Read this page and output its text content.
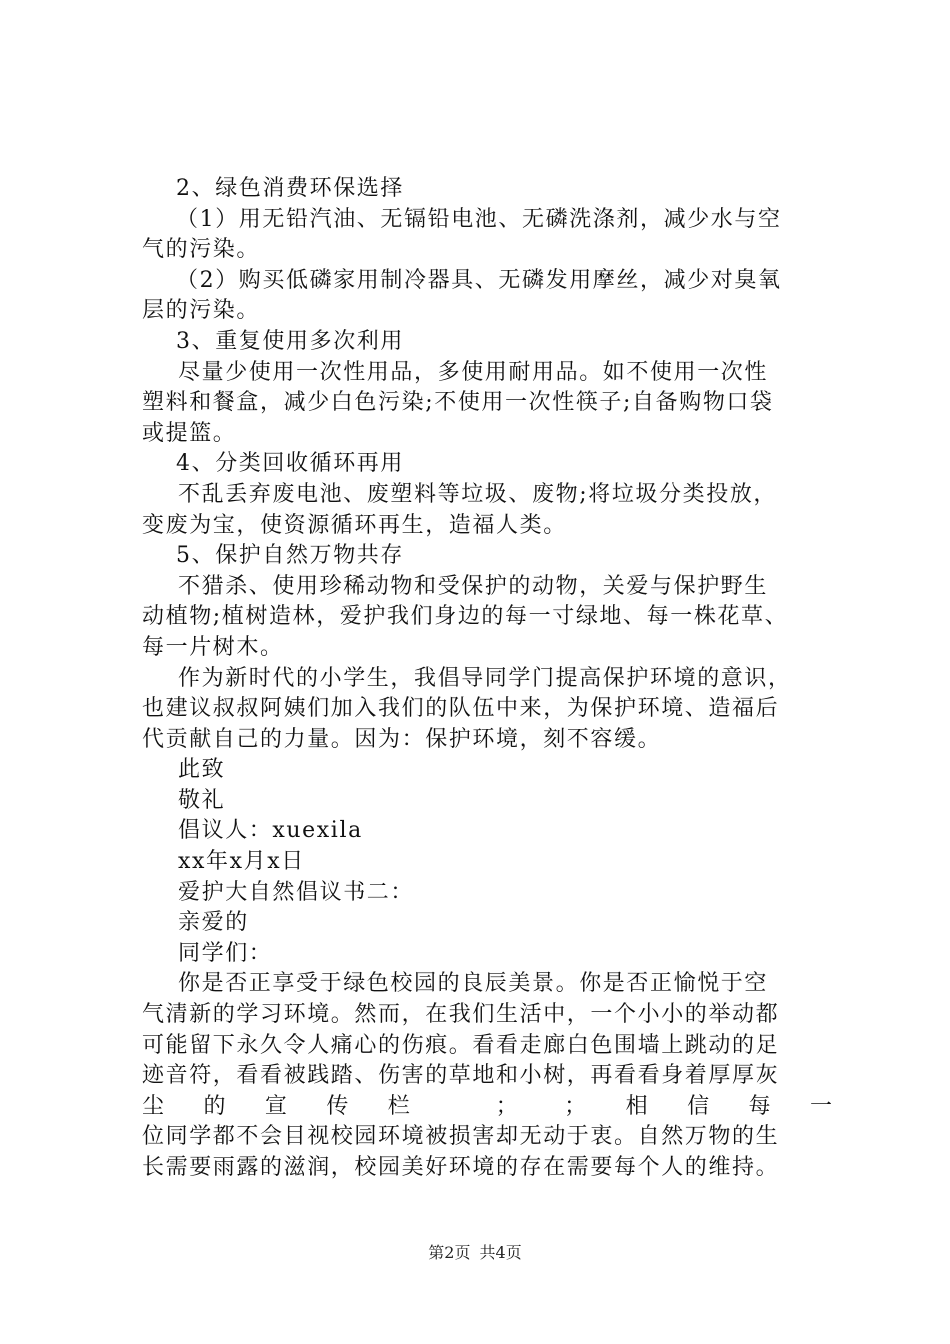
2、绿色消费环保选择
（1）用无铅汽油、无镉铅电池、无磷洗涤剂，减少水与空
气的污染。
（2）购买低磷家用制冷器具、无磷发用摩丝，减少对臭氧
层的污染。
3、重复使用多次利用
尽量少使用一次性用品，多使用耐用品。如不使用一次性
塑料和餐盒，减少白色污染;不使用一次性筷子;自备购物口袋
或提篮。
4、分类回收循环再用
不乱丢弃废电池、废塑料等垃圾、废物;将垃圾分类投放，
变废为宝，使资源循环再生，造福人类。
5、保护自然万物共存
不猎杀、使用珍稀动物和受保护的动物，关爱与保护野生
动植物;植树造林，爱护我们身边的每一寸绿地、每一株花草、
每一片树木。
作为新时代的小学生，我倡导同学门提高保护环境的意识，
也建议叔叔阿姨们加入我们的队伍中来，为保护环境、造福后
代贡献自己的力量。因为：保护环境，刻不容缓。
此致
敬礼
倡议人：xuexila
xx年x月x日
爱护大自然倡议书二：
亲爱的
同学们：
你是否正享受于绿色校园的良辰美景。你是否正愉悦于空
气清新的学习环境。然而，在我们生活中，一个小小的举动都
可能留下永久令人痛心的伤痕。看看走廊白色围墙上跳动的足
迹音符，看看被践踏、伤害的草地和小树，再看看身着厚厚灰
尘的宣传栏 ； ；相信每一
位同学都不会目视校园环境被损害却无动于衷。自然万物的生
长需要雨露的滋润，校园美好环境的存在需要每个人的维持。
第2页 共4页
